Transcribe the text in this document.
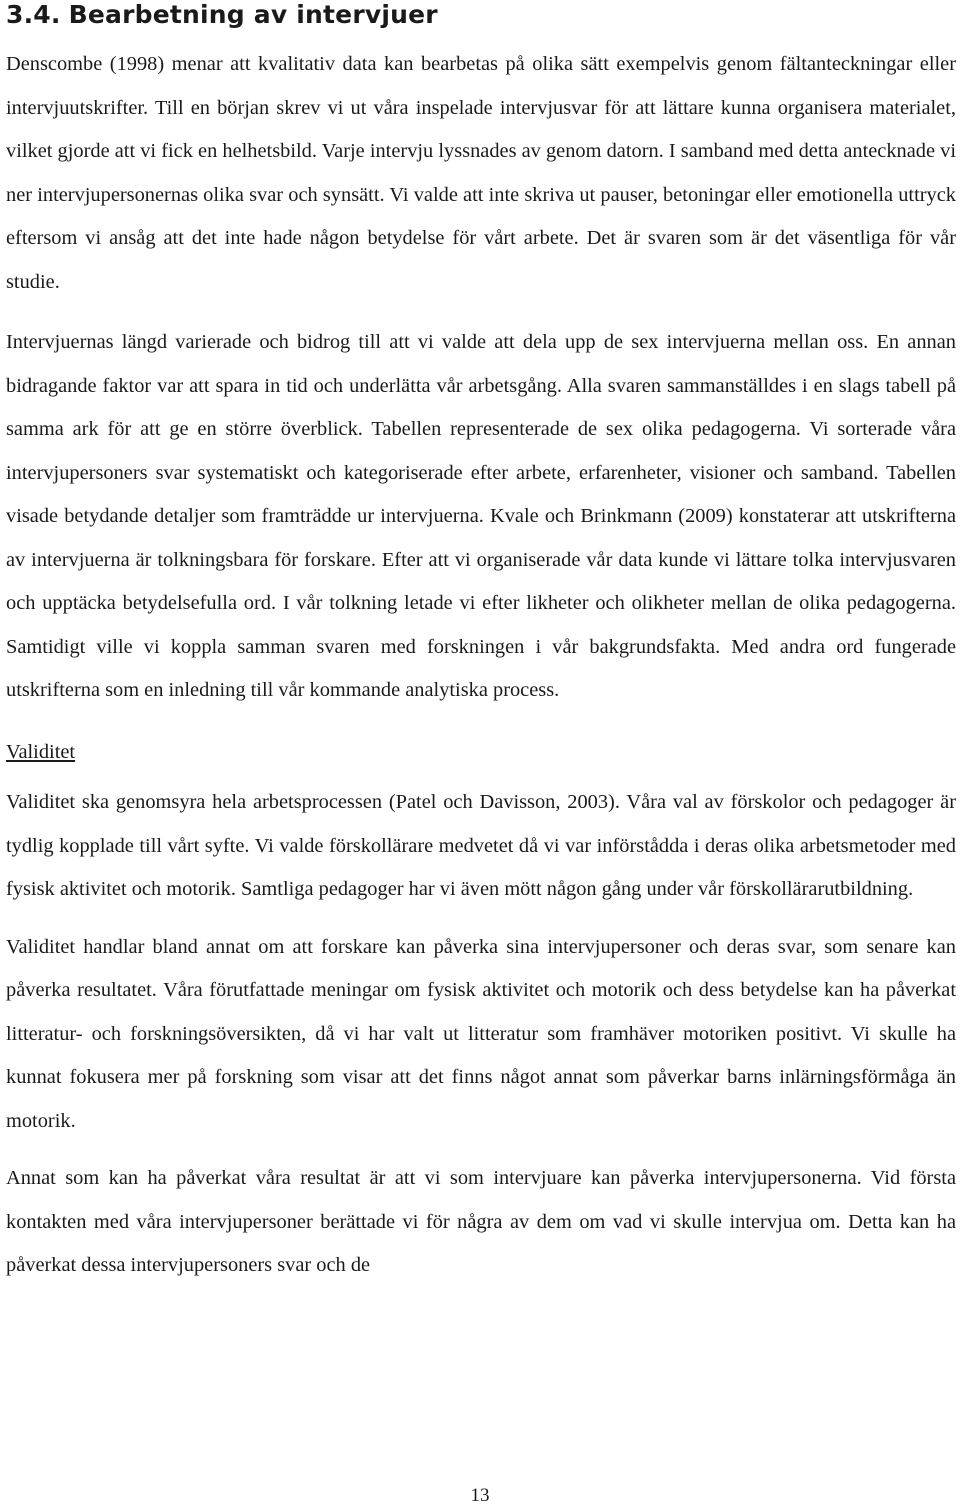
3.4. Bearbetning av intervjuer

Denscombe (1998) menar att kvalitativ data kan bearbetas på olika sätt exempelvis genom fältanteckningar eller intervjuutskrifter. Till en början skrev vi ut våra inspelade intervjusvar för att lättare kunna organisera materialet, vilket gjorde att vi fick en helhetsbild. Varje intervju lyssnades av genom datorn. I samband med detta antecknade vi ner intervjupersonernas olika svar och synsätt. Vi valde att inte skriva ut pauser, betoningar eller emotionella uttryck eftersom vi ansåg att det inte hade någon betydelse för vårt arbete. Det är svaren som är det väsentliga för vår studie.

Intervjuernas längd varierade och bidrog till att vi valde att dela upp de sex intervjuerna mellan oss. En annan bidragande faktor var att spara in tid och underlätta vår arbetsgång. Alla svaren sammanställdes i en slags tabell på samma ark för att ge en större överblick. Tabellen representerade de sex olika pedagogerna. Vi sorterade våra intervjupersoners svar systematiskt och kategoriserade efter arbete, erfarenheter, visioner och samband. Tabellen visade betydande detaljer som framträdde ur intervjuerna. Kvale och Brinkmann (2009) konstaterar att utskrifterna av intervjuerna är tolkningsbara för forskare. Efter att vi organiserade vår data kunde vi lättare tolka intervjusvaren och upptäcka betydelsefulla ord. I vår tolkning letade vi efter likheter och olikheter mellan de olika pedagogerna. Samtidigt ville vi koppla samman svaren med forskningen i vår bakgrundsfakta. Med andra ord fungerade utskrifterna som en inledning till vår kommande analytiska process.

Validitet

Validitet ska genomsyra hela arbetsprocessen (Patel och Davisson, 2003). Våra val av förskolor och pedagoger är tydlig kopplade till vårt syfte. Vi valde förskollärare medvetet då vi var införstådda i deras olika arbetsmetoder med fysisk aktivitet och motorik. Samtliga pedagoger har vi även mött någon gång under vår förskollärarutbildning.

Validitet handlar bland annat om att forskare kan påverka sina intervjupersoner och deras svar, som senare kan påverka resultatet. Våra förutfattade meningar om fysisk aktivitet och motorik och dess betydelse kan ha påverkat litteratur- och forskningsöversikten, då vi har valt ut litteratur som framhäver motoriken positivt. Vi skulle ha kunnat fokusera mer på forskning som visar att det finns något annat som påverkar barns inlärningsförmåga än motorik.

Annat som kan ha påverkat våra resultat är att vi som intervjuare kan påverka intervjupersonerna. Vid första kontakten med våra intervjupersoner berättade vi för några av dem om vad vi skulle intervjua om. Detta kan ha påverkat dessa intervjupersoners svar och de

13
